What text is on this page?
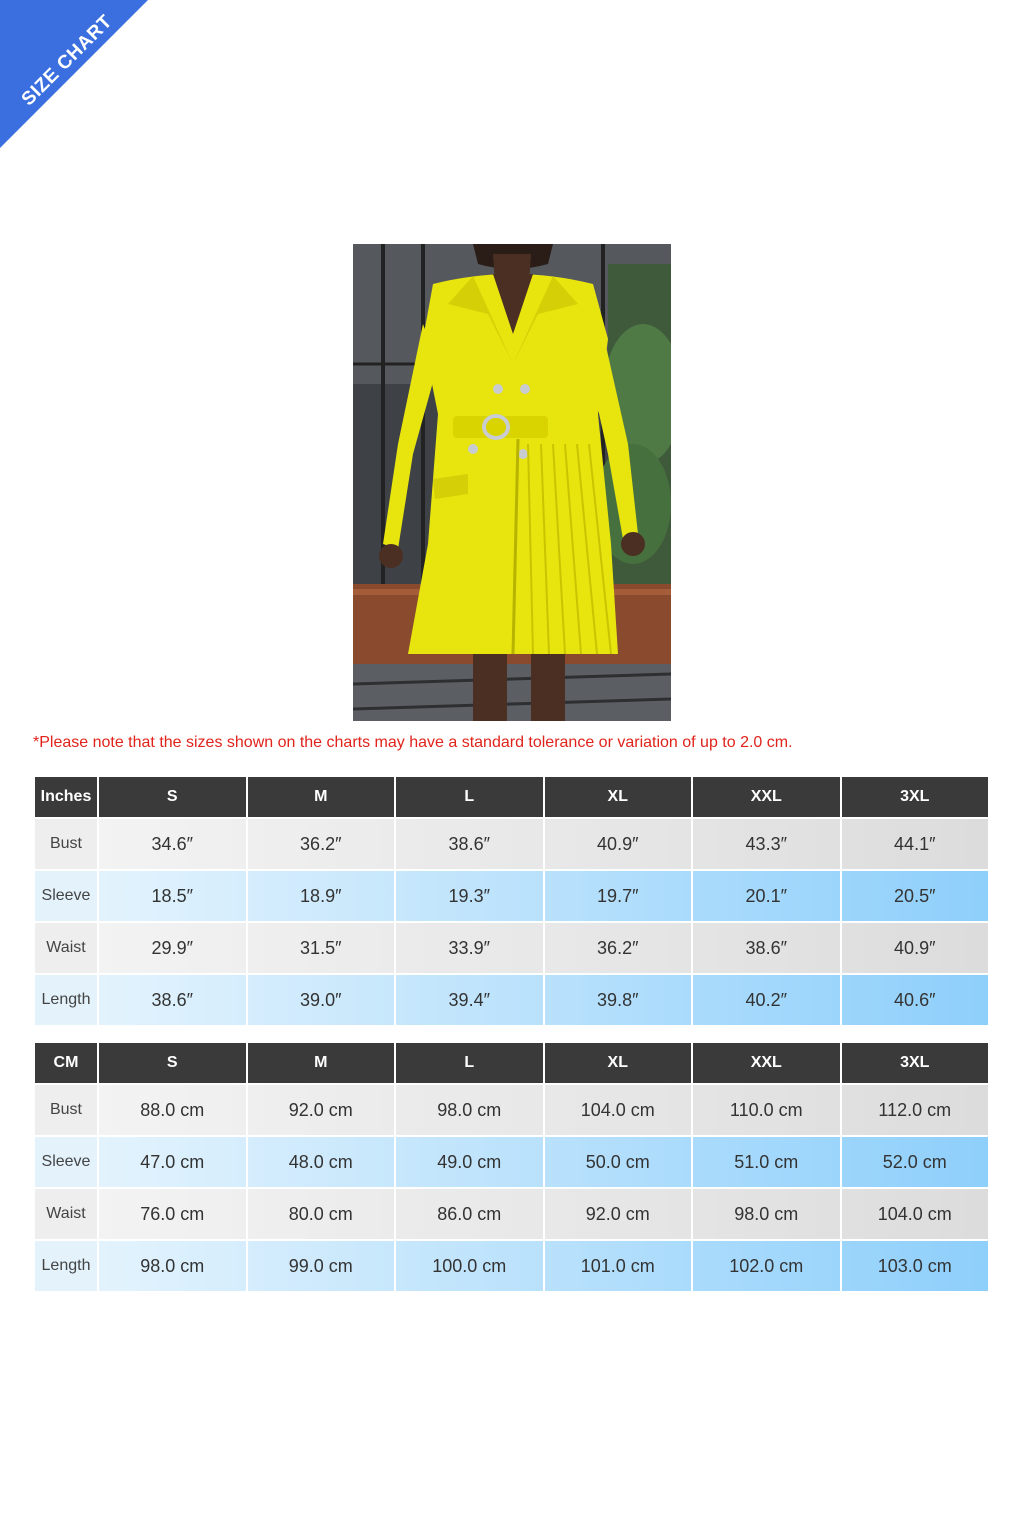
SIZE CHART
*Please note that the sizes shown on the charts may have a standard tolerance or variation of up to 2.0 cm.
Inches	S	M	L	XL	XXL	3XL
Bust	34.6″	36.2″	38.6″	40.9″	43.3″	44.1″
Sleeve	18.5″	18.9″	19.3″	19.7″	20.1″	20.5″
Waist	29.9″	31.5″	33.9″	36.2″	38.6″	40.9″
Length	38.6″	39.0″	39.4″	39.8″	40.2″	40.6″
CM	S	M	L	XL	XXL	3XL
Bust	88.0 cm	92.0 cm	98.0 cm	104.0 cm	110.0 cm	112.0 cm
Sleeve	47.0 cm	48.0 cm	49.0 cm	50.0 cm	51.0 cm	52.0 cm
Waist	76.0 cm	80.0 cm	86.0 cm	92.0 cm	98.0 cm	104.0 cm
Length	98.0 cm	99.0 cm	100.0 cm	101.0 cm	102.0 cm	103.0 cm
